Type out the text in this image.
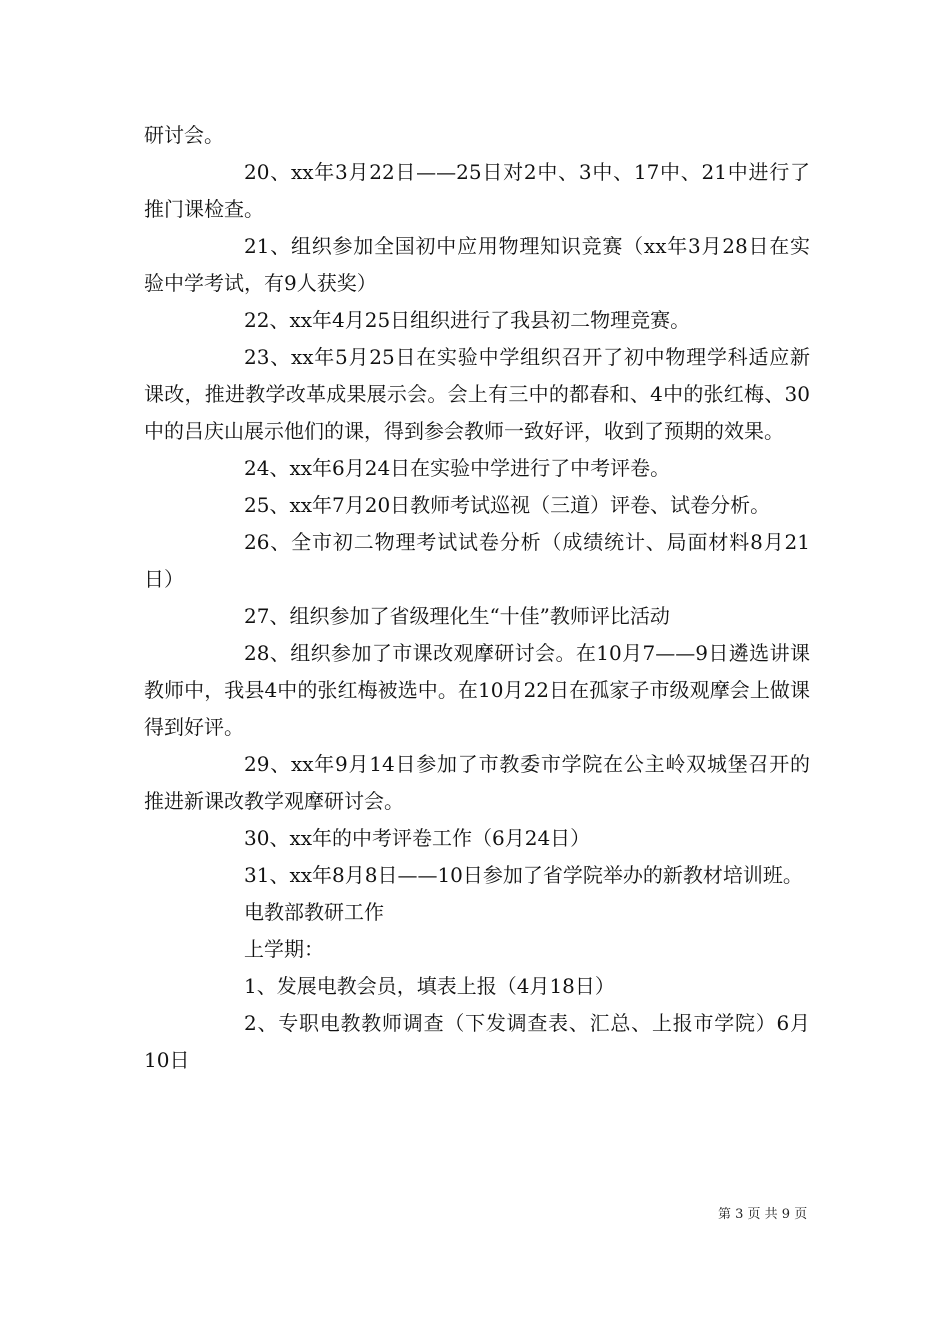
研讨会。

20、xx年3月22日——25日对2中、3中、17中、21中进行了推门课检查。

21、组织参加全国初中应用物理知识竞赛（xx年3月28日在实验中学考试，有9人获奖）

22、xx年4月25日组织进行了我县初二物理竞赛。

23、xx年5月25日在实验中学组织召开了初中物理学科适应新课改，推进教学改革成果展示会。会上有三中的都春和、4中的张红梅、30中的吕庆山展示他们的课，得到参会教师一致好评，收到了预期的效果。

24、xx年6月24日在实验中学进行了中考评卷。

25、xx年7月20日教师考试巡视（三道）评卷、试卷分析。

26、全市初二物理考试试卷分析（成绩统计、局面材料8月21日）

27、组织参加了省级理化生“十佳”教师评比活动

28、组织参加了市课改观摩研讨会。在10月7——9日遴选讲课教师中，我县4中的张红梅被选中。在10月22日在孤家子市级观摩会上做课得到好评。

29、xx年9月14日参加了市教委市学院在公主岭双城堡召开的推进新课改教学观摩研讨会。

30、xx年的中考评卷工作（6月24日）

31、xx年8月8日——10日参加了省学院举办的新教材培训班。

电教部教研工作

上学期：

1、发展电教会员，填表上报（4月18日）

2、专职电教教师调查（下发调查表、汇总、上报市学院）6月10日

第 3 页 共 9 页
